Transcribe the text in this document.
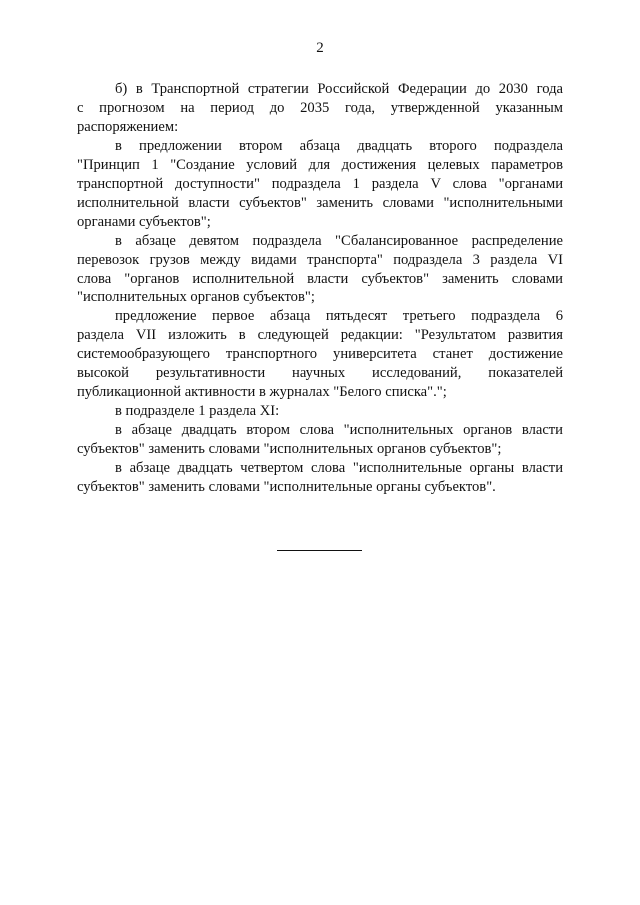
2

б) в Транспортной стратегии Российской Федерации до 2030 года
с прогнозом на период до 2035 года, утвержденной указанным
распоряжением:

в предложении втором абзаца двадцать второго подраздела
"Принцип 1 "Создание условий для достижения целевых параметров
транспортной доступности" подраздела 1 раздела V слова "органами
исполнительной власти субъектов" заменить словами "исполнительными
органами субъектов";

в абзаце девятом подраздела "Сбалансированное распределение
перевозок грузов между видами транспорта" подраздела 3 раздела VI
слова "органов исполнительной власти субъектов" заменить словами
"исполнительных органов субъектов";

предложение первое абзаца пятьдесят третьего подраздела 6
раздела VII изложить в следующей редакции: "Результатом развития
системообразующего транспортного университета станет достижение
высокой результативности научных исследований, показателей
публикационной активности в журналах "Белого списка".";

в подразделе 1 раздела XI:

в абзаце двадцать втором слова "исполнительных органов власти
субъектов" заменить словами "исполнительных органов субъектов";

в абзаце двадцать четвертом слова "исполнительные органы власти
субъектов" заменить словами "исполнительные органы субъектов".
